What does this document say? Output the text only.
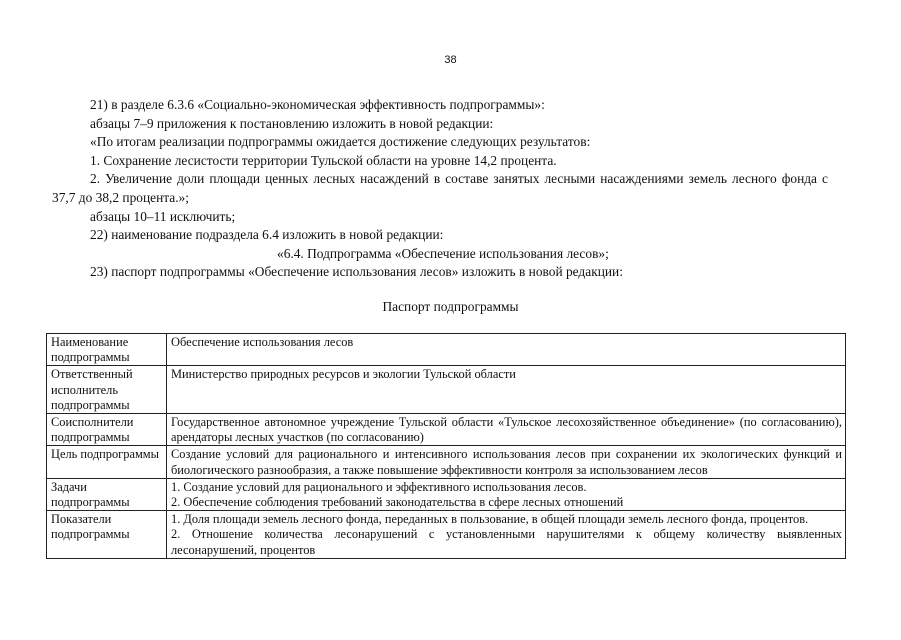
38

21) в разделе 6.3.6 «Социально-экономическая эффективность подпрограммы»:

абзацы 7–9 приложения к постановлению изложить в новой редакции:

«По итогам реализации подпрограммы ожидается достижение следующих результатов:

1. Сохранение лесистости территории Тульской области на уровне 14,2 процента.

2. Увеличение доли площади ценных лесных насаждений в составе занятых лесными насаждениями земель лесного фонда с 37,7 до 38,2 процента.»;

абзацы 10–11 исключить;

22) наименование подраздела 6.4 изложить в новой редакции:

«6.4. Подпрограмма «Обеспечение использования лесов»;

23) паспорт подпрограммы «Обеспечение использования лесов» изложить в новой редакции:

Паспорт подпрограммы
Наименование подпрограммы	Обеспечение использования лесов

Ответственный исполнитель подпрограммы	Министерство природных ресурсов и экологии Тульской области

Соисполнители подпрограммы	Государственное автономное учреждение Тульской области «Тульское лесохозяйственное объединение» (по согласованию), арендаторы лесных участков (по согласованию)

Цель подпрограммы	Создание условий для рационального и интенсивного использования лесов при сохранении их экологических функций и биологического разнообразия, а также повышение эффективности контроля за использованием лесов

Задачи подпрограммы	1. Создание условий для рационального и эффективного использования лесов.
2. Обеспечение соблюдения требований законодательства в сфере лесных отношений

Показатели подпрограммы	1. Доля площади земель лесного фонда, переданных в пользование, в общей площади земель лесного фонда, процентов.
2. Отношение количества лесонарушений с установленными нарушителями к общему количеству выявленных лесонарушений, процентов
